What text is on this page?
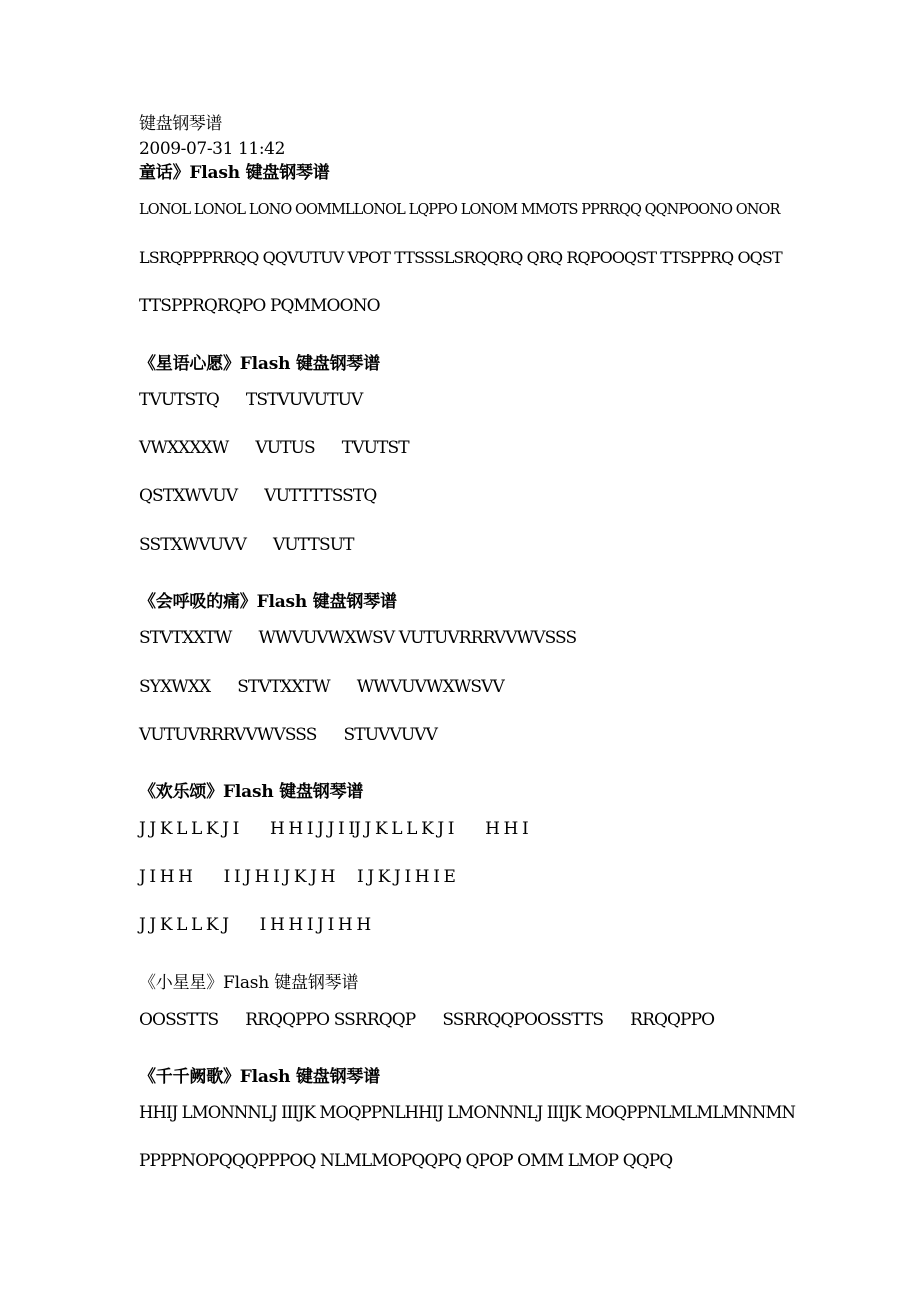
键盘钢琴谱
2009-07-31 11:42
童话》Flash 键盘钢琴谱
LONOL LONOL LONO OOMMLLONOL LQPPO LONOM MMOTS PPRRQQ QQNPOONO ONOR
LSRQPPPRRQQ QQVUTUV VPOT TTSSSLSRQQRQ QRQ RQPOOQST TTSPPRQ OQST
TTSPPRQRQPO PQMMOONO
《星语心愿》Flash 键盘钢琴谱
TVUTSTQ      TSTVUVUTUV
VWXXXXW      VUTUS      TVUTST
QSTXWVUV      VUTTTTSSTQ
SSTXWVUVV      VUTTSUT
《会呼吸的痛》Flash 键盘钢琴谱
STVTXXTW      WWVUVWXWSV VUTUVRRRVVWVSSS
SYXWXX      STVTXXTW      WWVUVWXWSVV
VUTUVRRRVVWVSSS      STUVVUVV
《欢乐颂》Flash 键盘钢琴谱
J J K L L K J I       H H I J J I IJ J K L L K J I       H H I
J I H H       I I J H I J K J H     I J K J I H I E
J J K L L K J       I H H I J I H H
《小星星》Flash 键盘钢琴谱
OOSSTTS      RRQQPPO SSRRQQP      SSRRQQPOOSSTTS      RRQQPPO
《千千阙歌》Flash 键盘钢琴谱
HHIJ LMONNNLJ IIIJK MOQPPNLHHIJ LMONNNLJ IIIJK MOQPPNLMLMLMNNMN
PPPPNOPQQQPPPOQ NLMLMOPQQPQ QPOP OMM LMOP QQPQ
